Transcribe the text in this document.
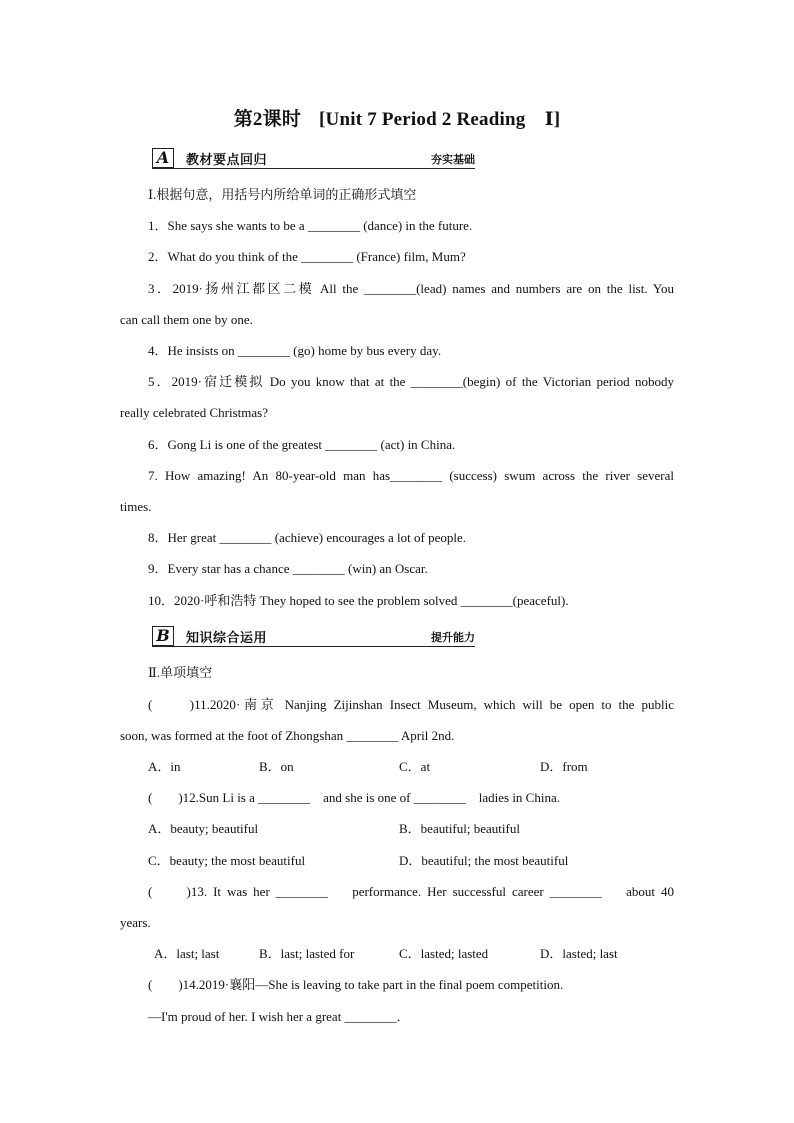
第2课时 [Unit 7 Period 2 Reading　Ⅰ]
A	教材要点回归	夯实基础
Ⅰ.根据句意，用括号内所给单词的正确形式填空
1．She says she wants to be a ________ (dance) in the future.
2．What do you think of the ________ (France) film, Mum?
3．2019·扬州江都区二模 All the ________(lead) names and numbers are on the list. You
can call them one by one.
4．He insists on ________ (go) home by bus every day.
5．2019·宿迁模拟 Do you know that at the ________(begin) of the Victorian period nobody
really celebrated Christmas?
6．Gong Li is one of the greatest ________ (act) in China.
7. How amazing! An 80-year-old man has________ (success) swum across the river several
times.
8．Her great ________ (achieve) encourages a lot of people.
9．Every star has a chance ________ (win) an Oscar.
10．2020·呼和浩特 They hoped to see the problem solved ________(peaceful).
B	知识综合运用	提升能力
Ⅱ.单项填空
(　　)11.2020·南京 Nanjing Zijinshan Insect Museum, which will be open to the public
soon, was formed at the foot of Zhongshan ________ April 2nd.
A．in	B．on	C．at	D．from
(　　)12.Sun Li is a ________　and she is one of ________　ladies in China.
A．beauty; beautiful	B．beautiful; beautiful
C．beauty; the most beautiful	D．beautiful; the most beautiful
(　　)13. It was her ________　 performance. Her successful career ________　 about 40
years.
A．last; last	B．last; lasted for	C．lasted; lasted	D．lasted; last
(　　)14.2019·襄阳—She is leaving to take part in the final poem competition.
—I'm proud of her. I wish her a great ________．
